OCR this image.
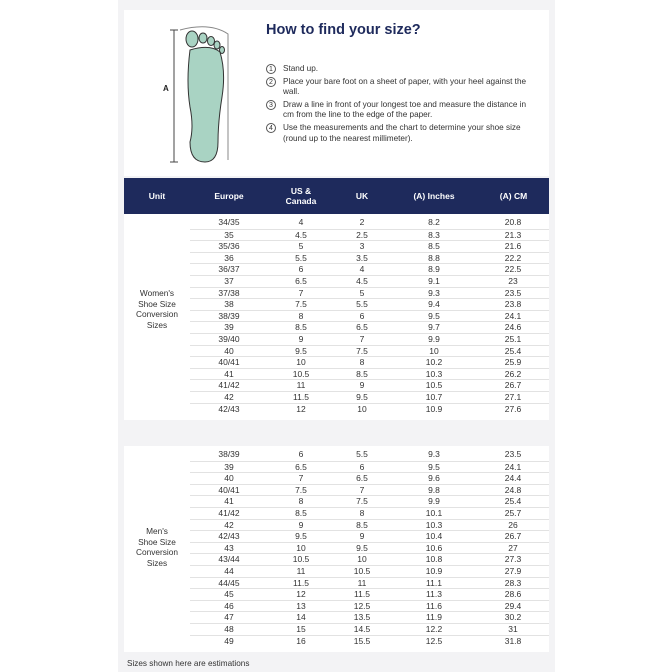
A
How to find your size?
1	Stand up.
2	Place your bare foot on a sheet of paper, with your heel against the wall.
3	Draw a line in front of your longest toe and measure the distance in cm from the line to the edge of the paper.
4	Use the measurements and the chart to determine your shoe size (round up to the nearest millimeter).
Unit	Europe	US &
Canada	UK	(A) Inches	(A) CM
Women's
Shoe Size
Conversion
Sizes
34/35	4	2	8.2	20.8
35	4.5	2.5	8.3	21.3
35/36	5	3	8.5	21.6
36	5.5	3.5	8.8	22.2
36/37	6	4	8.9	22.5
37	6.5	4.5	9.1	23
37/38	7	5	9.3	23.5
38	7.5	5.5	9.4	23.8
38/39	8	6	9.5	24.1
39	8.5	6.5	9.7	24.6
39/40	9	7	9.9	25.1
40	9.5	7.5	10	25.4
40/41	10	8	10.2	25.9
41	10.5	8.5	10.3	26.2
41/42	11	9	10.5	26.7
42	11.5	9.5	10.7	27.1
42/43	12	10	10.9	27.6
Men's
Shoe Size
Conversion
Sizes
38/39	6	5.5	9.3	23.5
39	6.5	6	9.5	24.1
40	7	6.5	9.6	24.4
40/41	7.5	7	9.8	24.8
41	8	7.5	9.9	25.4
41/42	8.5	8	10.1	25.7
42	9	8.5	10.3	26
42/43	9.5	9	10.4	26.7
43	10	9.5	10.6	27
43/44	10.5	10	10.8	27.3
44	11	10.5	10.9	27.9
44/45	11.5	11	11.1	28.3
45	12	11.5	11.3	28.6
46	13	12.5	11.6	29.4
47	14	13.5	11.9	30.2
48	15	14.5	12.2	31
49	16	15.5	12.5	31.8
Sizes shown here are estimations
